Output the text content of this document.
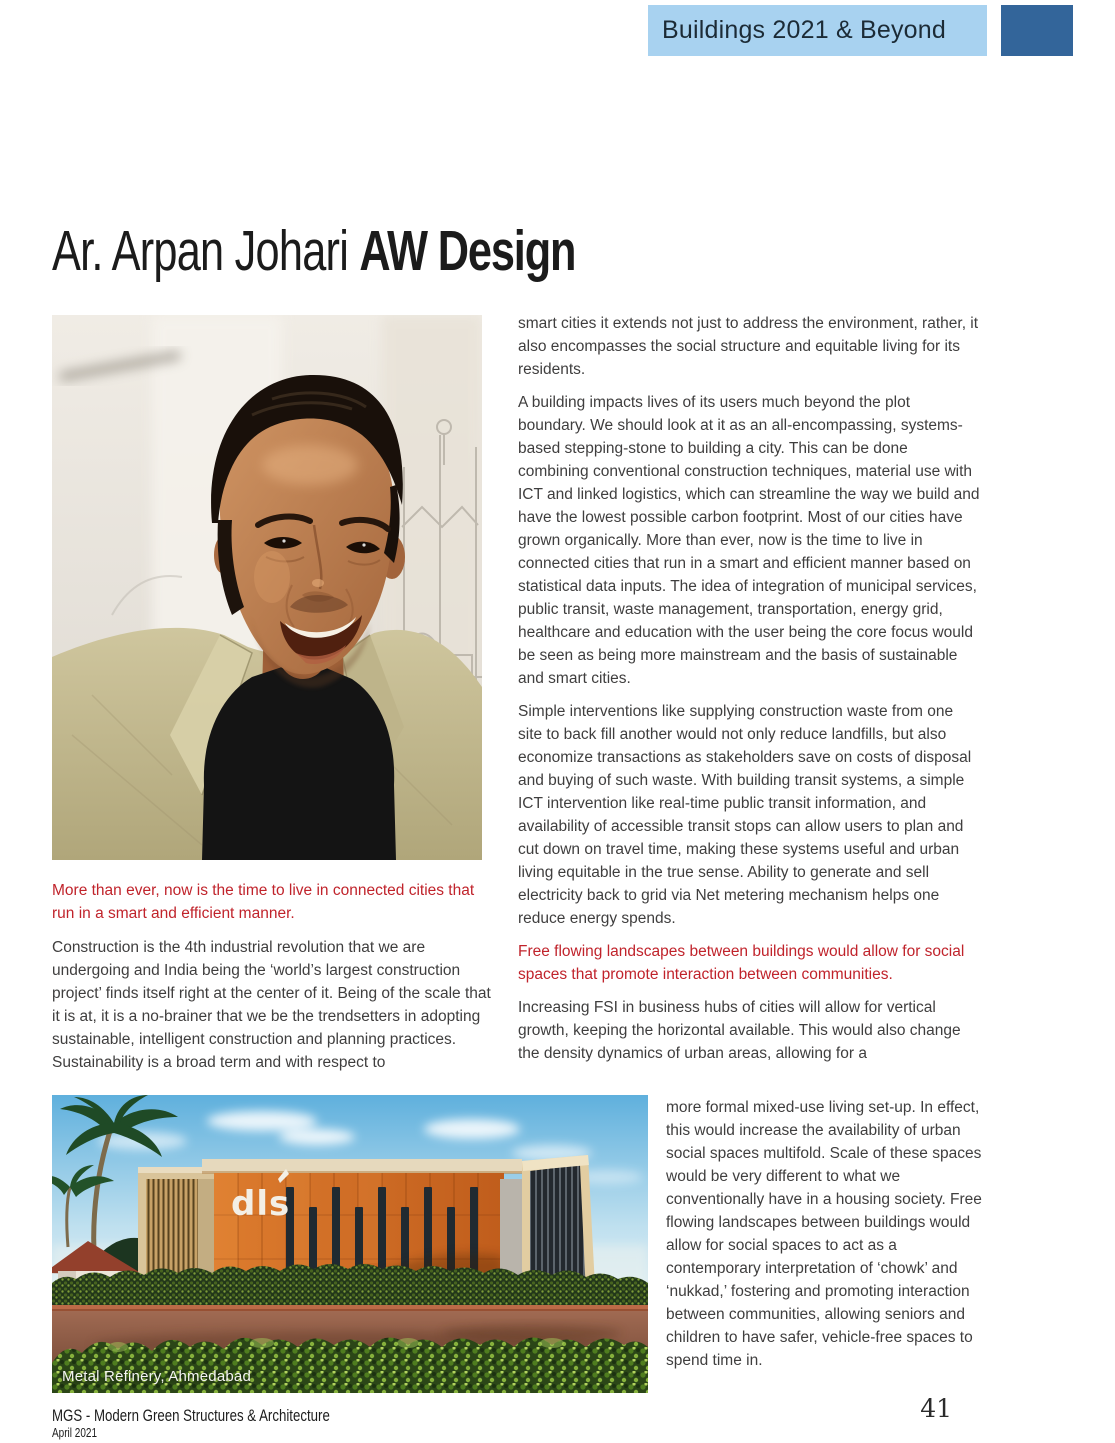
Buildings 2021 & Beyond
Ar. Arpan Johari AW Design
More than ever, now is the time to live in connected cities that run in a smart and efficient manner.
Construction is the 4th industrial revolution that we are undergoing and India being the ‘world’s largest construction project’ finds itself right at the center of it. Being of the scale that it is at, it is a no-brainer that we be the trendsetters in adopting sustainable, intelligent construction and planning practices. Sustainability is a broad term and with respect to

smart cities it extends not just to address the environment, rather, it also encompasses the social structure and equitable living for its residents.

A building impacts lives of its users much beyond the plot boundary. We should look at it as an all-encompassing, systems-based stepping-stone to building a city. This can be done combining conventional construction techniques, material use with ICT and linked logistics, which can streamline the way we build and have the lowest possible carbon footprint. Most of our cities have grown organically. More than ever, now is the time to live in connected cities that run in a smart and efficient manner based on statistical data inputs. The idea of integration of municipal services, public transit, waste management, transportation, energy grid, healthcare and education with the user being the core focus would be seen as being more mainstream and the basis of sustainable and smart cities.

Simple interventions like supplying construction waste from one site to back fill another would not only reduce landfills, but also economize transactions as stakeholders save on costs of disposal and buying of such waste. With building transit systems, a simple ICT intervention like real-time public transit information, and availability of accessible transit stops can allow users to plan and cut down on travel time, making these systems useful and urban living equitable in the true sense. Ability to generate and sell electricity back to grid via Net metering mechanism helps one reduce energy spends.

Free flowing landscapes between buildings would allow for social spaces that promote interaction between communities.

Increasing FSI in business hubs of cities will allow for vertical growth, keeping the horizontal available. This would also change the density dynamics of urban areas, allowing for a

dls
Metal Refinery, Ahmedabad

more formal mixed-use living set-up. In effect, this would increase the availability of urban social spaces multifold. Scale of these spaces would be very different to what we conventionally have in a housing society. Free flowing landscapes between buildings would allow for social spaces to act as a contemporary interpretation of ‘chowk’ and ‘nukkad,’ fostering and promoting interaction between communities, allowing seniors and children to have safer, vehicle-free spaces to spend time in.

MGS - Modern Green Structures & Architecture
April 2021
41
